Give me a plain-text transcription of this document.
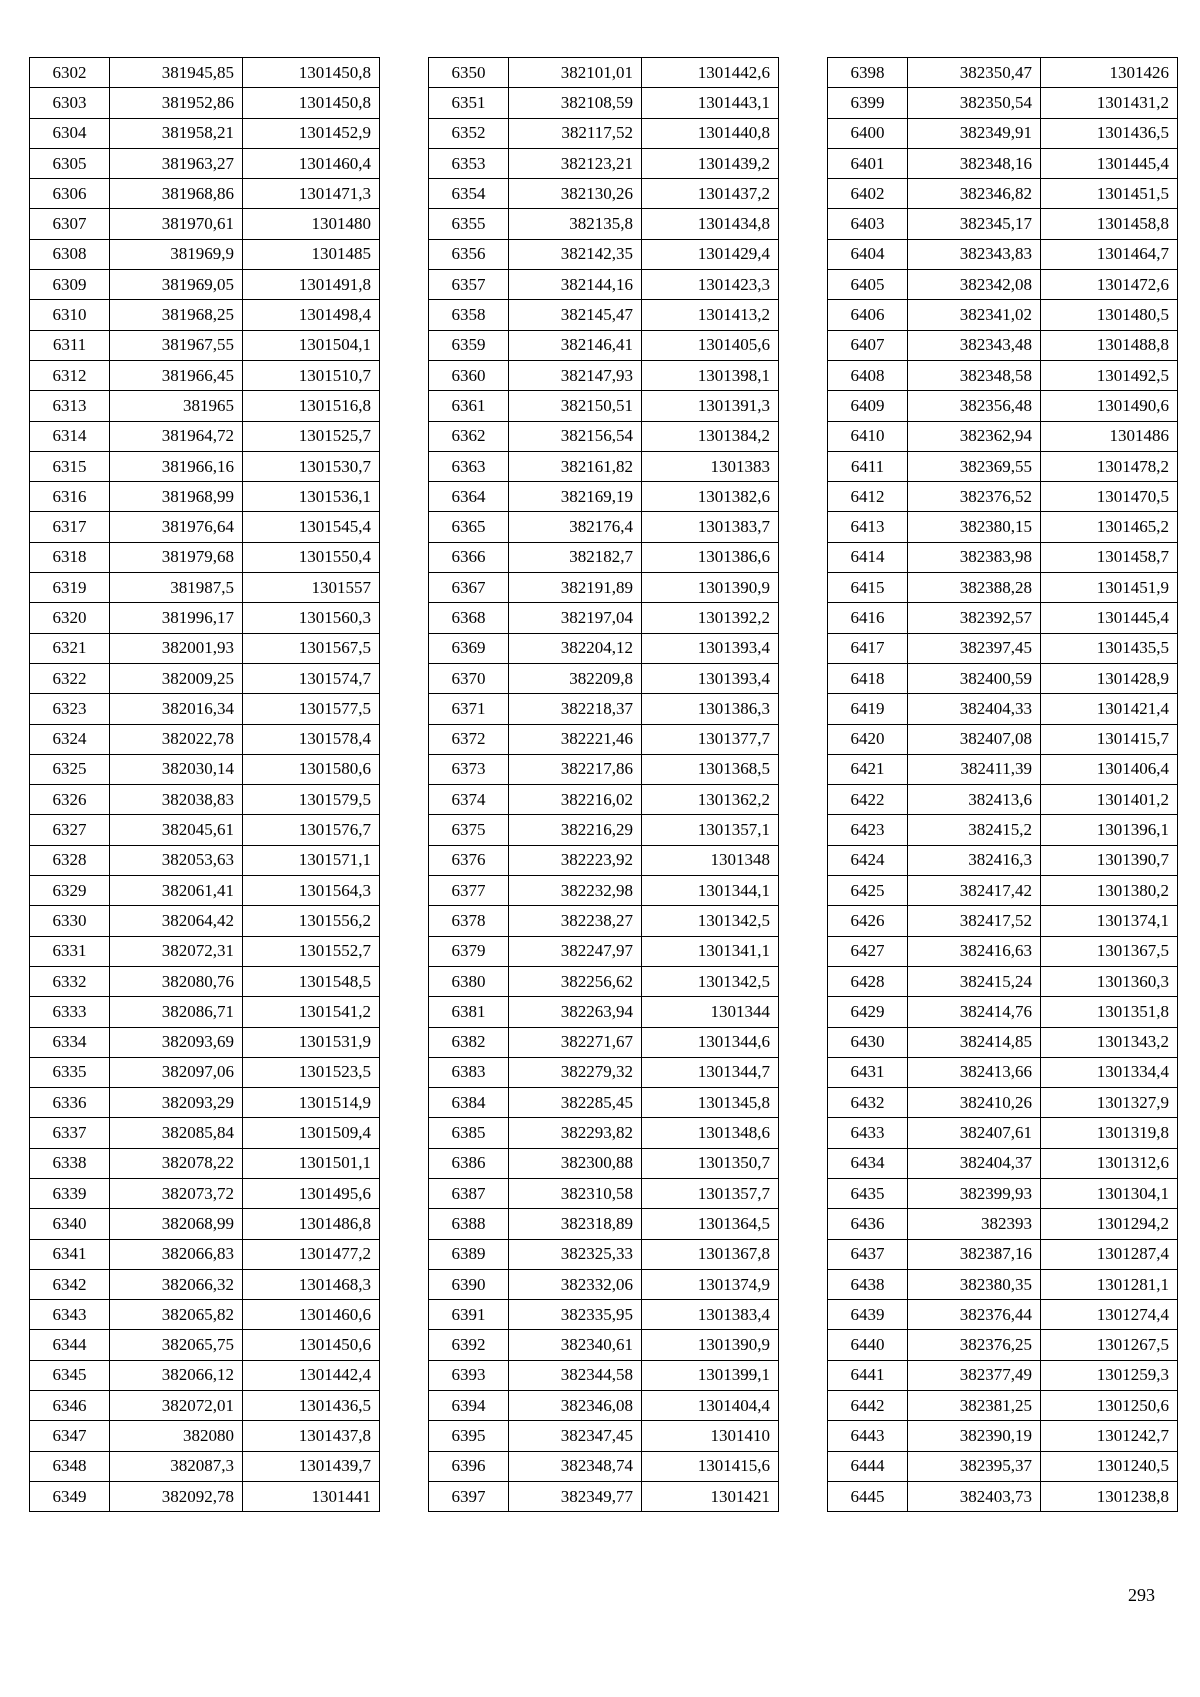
6302	381945,85	1301450,8
6303	381952,86	1301450,8
6304	381958,21	1301452,9
6305	381963,27	1301460,4
6306	381968,86	1301471,3
6307	381970,61	1301480
6308	381969,9	1301485
6309	381969,05	1301491,8
6310	381968,25	1301498,4
6311	381967,55	1301504,1
6312	381966,45	1301510,7
6313	381965	1301516,8
6314	381964,72	1301525,7
6315	381966,16	1301530,7
6316	381968,99	1301536,1
6317	381976,64	1301545,4
6318	381979,68	1301550,4
6319	381987,5	1301557
6320	381996,17	1301560,3
6321	382001,93	1301567,5
6322	382009,25	1301574,7
6323	382016,34	1301577,5
6324	382022,78	1301578,4
6325	382030,14	1301580,6
6326	382038,83	1301579,5
6327	382045,61	1301576,7
6328	382053,63	1301571,1
6329	382061,41	1301564,3
6330	382064,42	1301556,2
6331	382072,31	1301552,7
6332	382080,76	1301548,5
6333	382086,71	1301541,2
6334	382093,69	1301531,9
6335	382097,06	1301523,5
6336	382093,29	1301514,9
6337	382085,84	1301509,4
6338	382078,22	1301501,1
6339	382073,72	1301495,6
6340	382068,99	1301486,8
6341	382066,83	1301477,2
6342	382066,32	1301468,3
6343	382065,82	1301460,6
6344	382065,75	1301450,6
6345	382066,12	1301442,4
6346	382072,01	1301436,5
6347	382080	1301437,8
6348	382087,3	1301439,7
6349	382092,78	1301441
6350	382101,01	1301442,6
6351	382108,59	1301443,1
6352	382117,52	1301440,8
6353	382123,21	1301439,2
6354	382130,26	1301437,2
6355	382135,8	1301434,8
6356	382142,35	1301429,4
6357	382144,16	1301423,3
6358	382145,47	1301413,2
6359	382146,41	1301405,6
6360	382147,93	1301398,1
6361	382150,51	1301391,3
6362	382156,54	1301384,2
6363	382161,82	1301383
6364	382169,19	1301382,6
6365	382176,4	1301383,7
6366	382182,7	1301386,6
6367	382191,89	1301390,9
6368	382197,04	1301392,2
6369	382204,12	1301393,4
6370	382209,8	1301393,4
6371	382218,37	1301386,3
6372	382221,46	1301377,7
6373	382217,86	1301368,5
6374	382216,02	1301362,2
6375	382216,29	1301357,1
6376	382223,92	1301348
6377	382232,98	1301344,1
6378	382238,27	1301342,5
6379	382247,97	1301341,1
6380	382256,62	1301342,5
6381	382263,94	1301344
6382	382271,67	1301344,6
6383	382279,32	1301344,7
6384	382285,45	1301345,8
6385	382293,82	1301348,6
6386	382300,88	1301350,7
6387	382310,58	1301357,7
6388	382318,89	1301364,5
6389	382325,33	1301367,8
6390	382332,06	1301374,9
6391	382335,95	1301383,4
6392	382340,61	1301390,9
6393	382344,58	1301399,1
6394	382346,08	1301404,4
6395	382347,45	1301410
6396	382348,74	1301415,6
6397	382349,77	1301421
6398	382350,47	1301426
6399	382350,54	1301431,2
6400	382349,91	1301436,5
6401	382348,16	1301445,4
6402	382346,82	1301451,5
6403	382345,17	1301458,8
6404	382343,83	1301464,7
6405	382342,08	1301472,6
6406	382341,02	1301480,5
6407	382343,48	1301488,8
6408	382348,58	1301492,5
6409	382356,48	1301490,6
6410	382362,94	1301486
6411	382369,55	1301478,2
6412	382376,52	1301470,5
6413	382380,15	1301465,2
6414	382383,98	1301458,7
6415	382388,28	1301451,9
6416	382392,57	1301445,4
6417	382397,45	1301435,5
6418	382400,59	1301428,9
6419	382404,33	1301421,4
6420	382407,08	1301415,7
6421	382411,39	1301406,4
6422	382413,6	1301401,2
6423	382415,2	1301396,1
6424	382416,3	1301390,7
6425	382417,42	1301380,2
6426	382417,52	1301374,1
6427	382416,63	1301367,5
6428	382415,24	1301360,3
6429	382414,76	1301351,8
6430	382414,85	1301343,2
6431	382413,66	1301334,4
6432	382410,26	1301327,9
6433	382407,61	1301319,8
6434	382404,37	1301312,6
6435	382399,93	1301304,1
6436	382393	1301294,2
6437	382387,16	1301287,4
6438	382380,35	1301281,1
6439	382376,44	1301274,4
6440	382376,25	1301267,5
6441	382377,49	1301259,3
6442	382381,25	1301250,6
6443	382390,19	1301242,7
6444	382395,37	1301240,5
6445	382403,73	1301238,8
293
